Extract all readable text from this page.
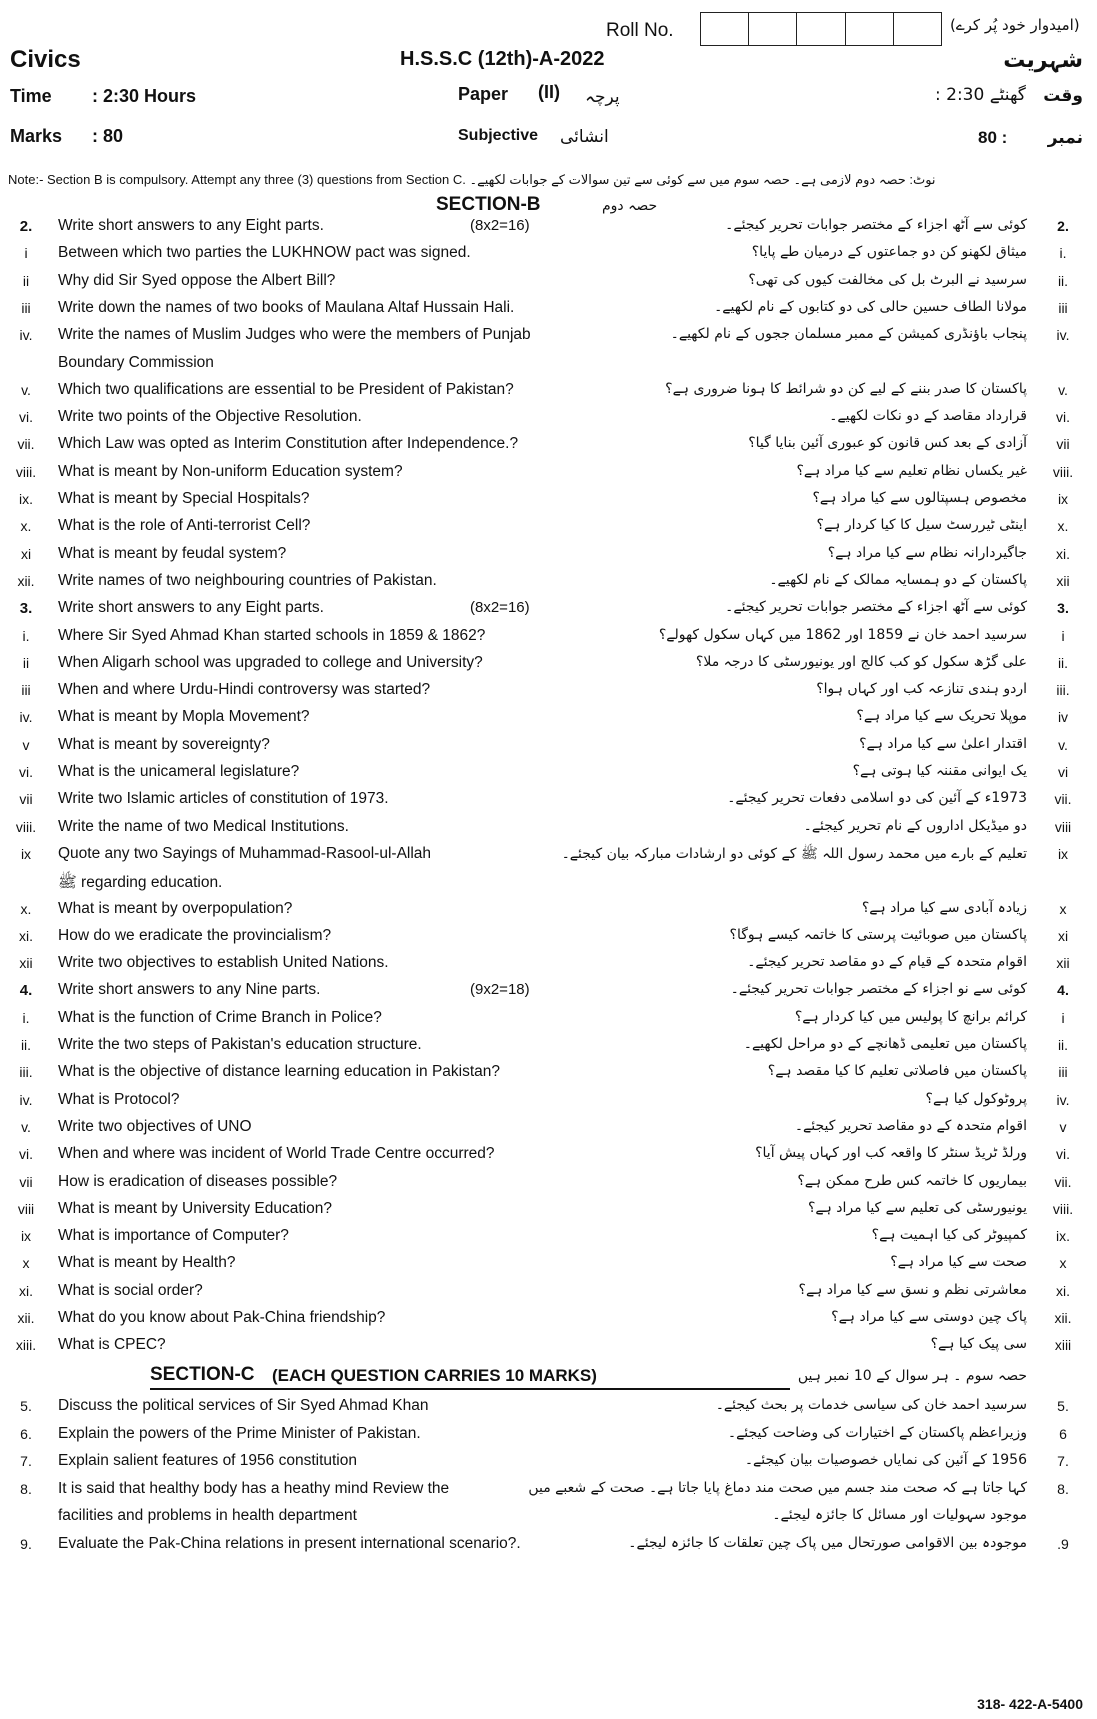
Roll No.	(امیدوار خود پُر کرے)
Civics	H.S.S.C (12th)-A-2022	شہریت
Time : 2:30 Hours	Paper (II) پرچہ	: 2:30 گھنٹے وقت
Marks : 80	Subjective انشائی	80 : نمبر
Note:- Section B is compulsory. Attempt any three (3) questions from Section C. نوٹ: حصہ دوم لازمی ہے۔ حصہ سوم میں سے کوئی سے تین سوالات کے جوابات لکھیے۔
SECTION-B	حصہ دوم
2.	Write short answers to any Eight parts.	(8x2=16)	کوئی سے آٹھ اجزاء کے مختصر جوابات تحریر کیجئے۔	2.
i	Between which two parties the LUKHNOW pact was signed.	میثاق لکھنو کن دو جماعتوں کے درمیان طے پایا؟	i.
ii	Why did Sir Syed oppose the Albert Bill?	سرسید نے البرٹ بل کی مخالفت کیوں کی تھی؟	ii.
iii	Write down the names of two books of Maulana Altaf Hussain Hali.	مولانا الطاف حسین حالی کی دو کتابوں کے نام لکھیے۔	iii
iv.	Write the names of Muslim Judges who were the members of Punjab	پنجاب باؤنڈری کمیشن کے ممبر مسلمان ججوں کے نام لکھیے۔	iv.
Boundary Commission
v.	Which two qualifications are essential to be President of Pakistan?	پاکستان کا صدر بننے کے لیے کن دو شرائط کا ہونا ضروری ہے؟	v.
vi.	Write two points of the Objective Resolution.	قرارداد مقاصد کے دو نکات لکھیے۔	vi.
vii.	Which Law was opted as Interim Constitution after Independence.?	آزادی کے بعد کس قانون کو عبوری آئین بنایا گیا؟	vii
viii.	What is meant by Non-uniform Education system?	غیر یکساں نظام تعلیم سے کیا مراد ہے؟	viii.
ix.	What is meant by Special Hospitals?	مخصوص ہسپتالوں سے کیا مراد ہے؟	ix
x.	What is the role of Anti-terrorist Cell?	اینٹی ٹیررسٹ سیل کا کیا کردار ہے؟	x.
xi	What is meant by feudal system?	جاگیردارانہ نظام سے کیا مراد ہے؟	xi.
xii.	Write names of two neighbouring countries of Pakistan.	پاکستان کے دو ہمسایہ ممالک کے نام لکھیے۔	xii
3.	Write short answers to any Eight parts.	(8x2=16)	کوئی سے آٹھ اجزاء کے مختصر جوابات تحریر کیجئے۔	3.
i.	Where Sir Syed Ahmad Khan started schools in 1859 & 1862?	سرسید احمد خان نے 1859 اور 1862 میں کہاں سکول کھولے؟	i
ii	When Aligarh school was upgraded to college and University?	علی گڑھ سکول کو کب کالج اور یونیورسٹی کا درجہ ملا؟	ii.
iii	When and where Urdu-Hindi controversy was started?	اردو ہندی تنازعہ کب اور کہاں ہوا؟	iii.
iv.	What is meant by Mopla Movement?	موپلا تحریک سے کیا مراد ہے؟	iv
v	What is meant by sovereignty?	اقتدار اعلیٰ سے کیا مراد ہے؟	v.
vi.	What is the unicameral legislature?	یک ایوانی مقننہ کیا ہوتی ہے؟	vi
vii	Write two Islamic articles of constitution of 1973.	1973ء کے آئین کی دو اسلامی دفعات تحریر کیجئے۔	vii.
viii.	Write the name of two Medical Institutions.	دو میڈیکل اداروں کے نام تحریر کیجئے۔	viii
ix	Quote any two Sayings of Muhammad-Rasool-ul-Allah	تعلیم کے بارے میں محمد رسول اللہ ﷺ کے کوئی دو ارشادات مبارکہ بیان کیجئے۔	ix
ﷺ regarding education.
x.	What is meant by overpopulation?	زیادہ آبادی سے کیا مراد ہے؟	x
xi.	How do we eradicate the provincialism?	پاکستان میں صوبائیت پرستی کا خاتمہ کیسے ہوگا؟	xi
xii	Write two objectives to establish United Nations.	اقوام متحدہ کے قیام کے دو مقاصد تحریر کیجئے۔	xii
4.	Write short answers to any Nine parts.	(9x2=18)	کوئی سے نو اجزاء کے مختصر جوابات تحریر کیجئے۔	4.
i.	What is the function of Crime Branch in Police?	کرائم برانچ کا پولیس میں کیا کردار ہے؟	i
ii.	Write the two steps of Pakistan's education structure.	پاکستان میں تعلیمی ڈھانچے کے دو مراحل لکھیے۔	ii.
iii.	What is the objective of distance learning education in Pakistan?	پاکستان میں فاصلاتی تعلیم کا کیا مقصد ہے؟	iii
iv.	What is Protocol?	پروٹوکول کیا ہے؟	iv.
v.	Write two objectives of UNO	اقوام متحدہ کے دو مقاصد تحریر کیجئے۔	v
vi.	When and where was incident of World Trade Centre occurred?	ورلڈ ٹریڈ سنٹر کا واقعہ کب اور کہاں پیش آیا؟	vi.
vii	How is eradication of diseases possible?	بیماریوں کا خاتمہ کس طرح ممکن ہے؟	vii.
viii	What is meant by University Education?	یونیورسٹی کی تعلیم سے کیا مراد ہے؟	viii.
ix	What is importance of Computer?	کمپیوٹر کی کیا اہمیت ہے؟	ix.
x	What is meant by Health?	صحت سے کیا مراد ہے؟	x
xi.	What is social order?	معاشرتی نظم و نسق سے کیا مراد ہے؟	xi.
xii.	What do you know about Pak-China friendship?	پاک چین دوستی سے کیا مراد ہے؟	xii.
xiii.	What is CPEC?	سی پیک کیا ہے؟	xiii
SECTION-C (EACH QUESTION CARRIES 10 MARKS)	حصہ سوم ۔ ہر سوال کے 10 نمبر ہیں
5.	Discuss the political services of Sir Syed Ahmad Khan	سرسید احمد خان کی سیاسی خدمات پر بحث کیجئے۔	5.
6.	Explain the powers of the Prime Minister of Pakistan.	وزیراعظم پاکستان کے اختیارات کی وضاحت کیجئے۔	6
7.	Explain salient features of 1956 constitution	1956 کے آئین کی نمایاں خصوصیات بیان کیجئے۔	7.
8.	It is said that healthy body has a heathy mind Review the	کہا جاتا ہے کہ صحت مند جسم میں صحت مند دماغ پایا جاتا ہے۔ صحت کے شعبے میں	8.
facilities and problems in health department	موجود سہولیات اور مسائل کا جائزہ لیجئے۔
9.	Evaluate the Pak-China relations in present international scenario?.	موجودہ بین الاقوامی صورتحال میں پاک چین تعلقات کا جائزہ لیجئے۔	.9
318- 422-A-5400
